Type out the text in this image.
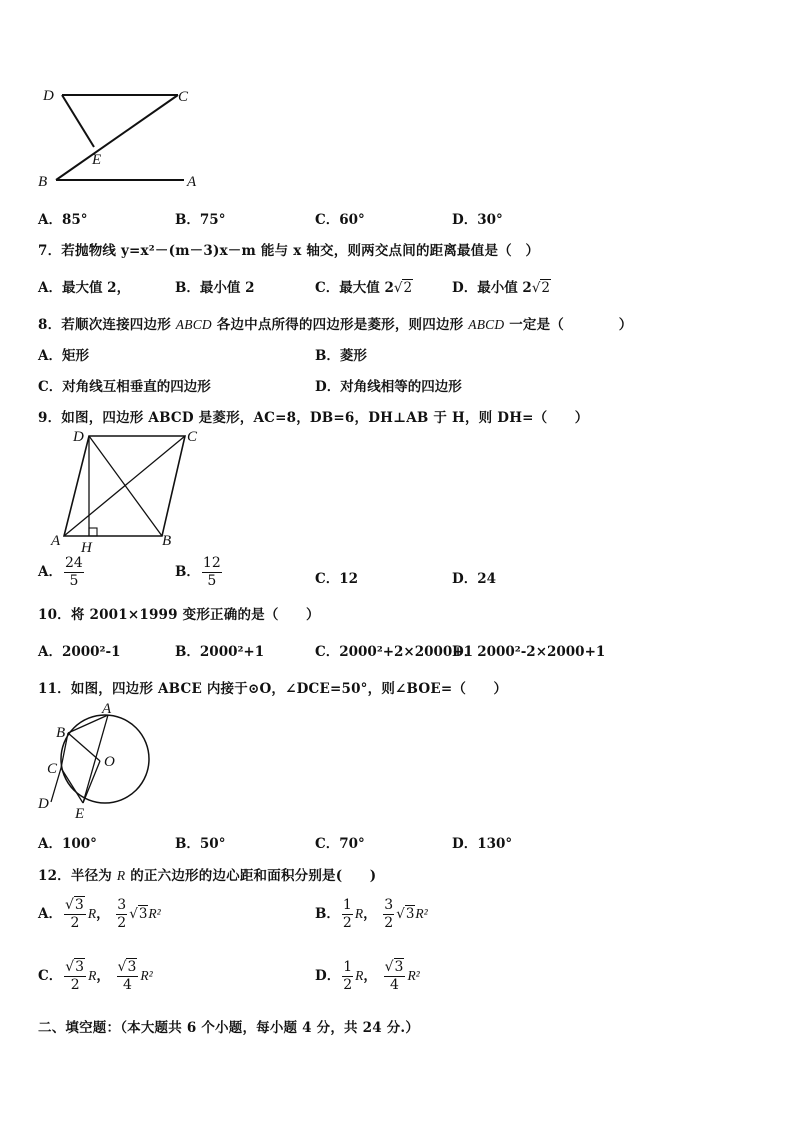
D	C
E
B	A
A．85°	B．75°	C．60°	D．30°
7．若抛物线 y=x²－(m－3)x－m 能与 x 轴交，则两交点间的距离最值是（　）
A．最大值 2，	B．最小值 2	C．最大值 2√2	D．最小值 2√2
8．若顺次连接四边形 ABCD 各边中点所得的四边形是菱形，则四边形 ABCD 一定是（　　　　）
A．矩形	B．菱形
C．对角线互相垂直的四边形	D．对角线相等的四边形
9．如图，四边形 ABCD 是菱形，AC=8，DB=6，DH⊥AB 于 H，则 DH=（　　）
D	C
A H	B
A． $\frac{24}{5}$	B． $\frac{12}{5}$	C．12	D．24
10．将 2001×1999 变形正确的是（　　）
A．2000²-1	B．2000²+1	C．2000²+2×2000+1
D．2000²-2×2000+1
11．如图，四边形 ABCE 内接于⊙O，∠DCE=50°，则∠BOE=（　　）
A
B
O
C
D
E
A．100°	B．50°	C．70°	D．130°
12．半径为 R 的正六边形的边心距和面积分别是(　　)
A． $\frac{√3}{2}$ R， $\frac{3}{2} √3R^2$	B． $\frac{1}{2}$ R， $\frac{3}{2} √3R^2$
C． $\frac{√3}{2}$ R， $\frac{√3}{4} R^2$	D． $\frac{1}{2}$ R， $\frac{√3}{4} R^2$
二、填空题：（本大题共 6 个小题，每小题 4 分，共 24 分.）
